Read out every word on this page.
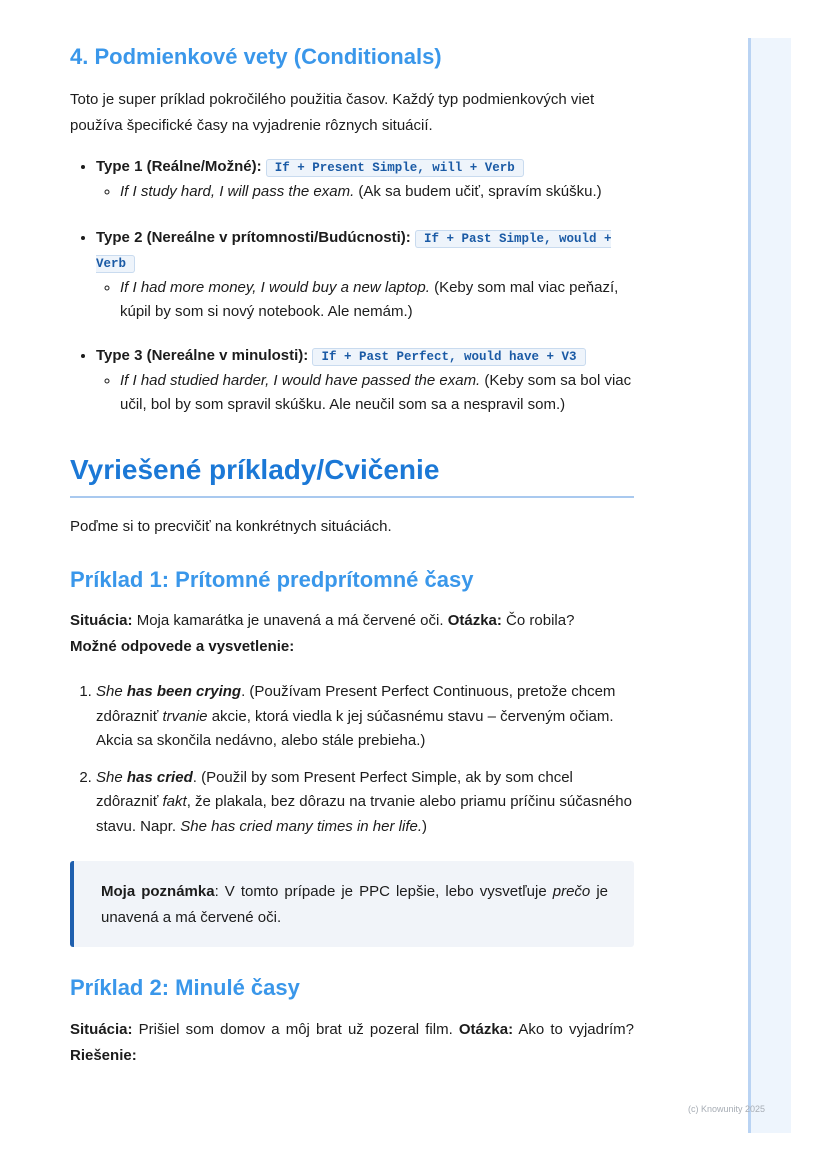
4. Podmienkové vety (Conditionals)

Toto je super príklad pokročilého použitia časov. Každý typ podmienkových viet používa špecifické časy na vyjadrenie rôznych situácií.

• Type 1 (Reálne/Možné): If + Present Simple, will + Verb
◦ If I study hard, I will pass the exam. (Ak sa budem učiť, spravím skúšku.)
• Type 2 (Nereálne v prítomnosti/Budúcnosti): If + Past Simple, would + Verb
◦ If I had more money, I would buy a new laptop. (Keby som mal viac peňazí, kúpil by som si nový notebook. Ale nemám.)
• Type 3 (Nereálne v minulosti): If + Past Perfect, would have + V3
◦ If I had studied harder, I would have passed the exam. (Keby som sa bol viac učil, bol by som spravil skúšku. Ale neučil som sa a nespravil som.)
Vyriešené príklady/Cvičenie

Poďme si to precvičiť na konkrétnych situáciách.

Príklad 1: Prítomné predprítomné časy

Situácia: Moja kamarátka je unavená a má červené oči. Otázka: Čo robila?
Možné odpovede a vysvetlenie:

1. She has been crying. (Používam Present Perfect Continuous, pretože chcem zdôrazniť trvanie akcie, ktorá viedla k jej súčasnému stavu – červeným očiam. Akcia sa skončila nedávno, alebo stále prebieha.)
2. She has cried. (Použil by som Present Perfect Simple, ak by som chcel zdôrazniť fakt, že plakala, bez dôrazu na trvanie alebo priamu príčinu súčasného stavu. Napr. She has cried many times in her life.)

Moja poznámka: V tomto prípade je PPC lepšie, lebo vysvetľuje prečo je unavená a má červené oči.

Príklad 2: Minulé časy

Situácia: Prišiel som domov a môj brat už pozeral film. Otázka: Ako to vyjadrím? Riešenie:

(c) Knowunity 2025
